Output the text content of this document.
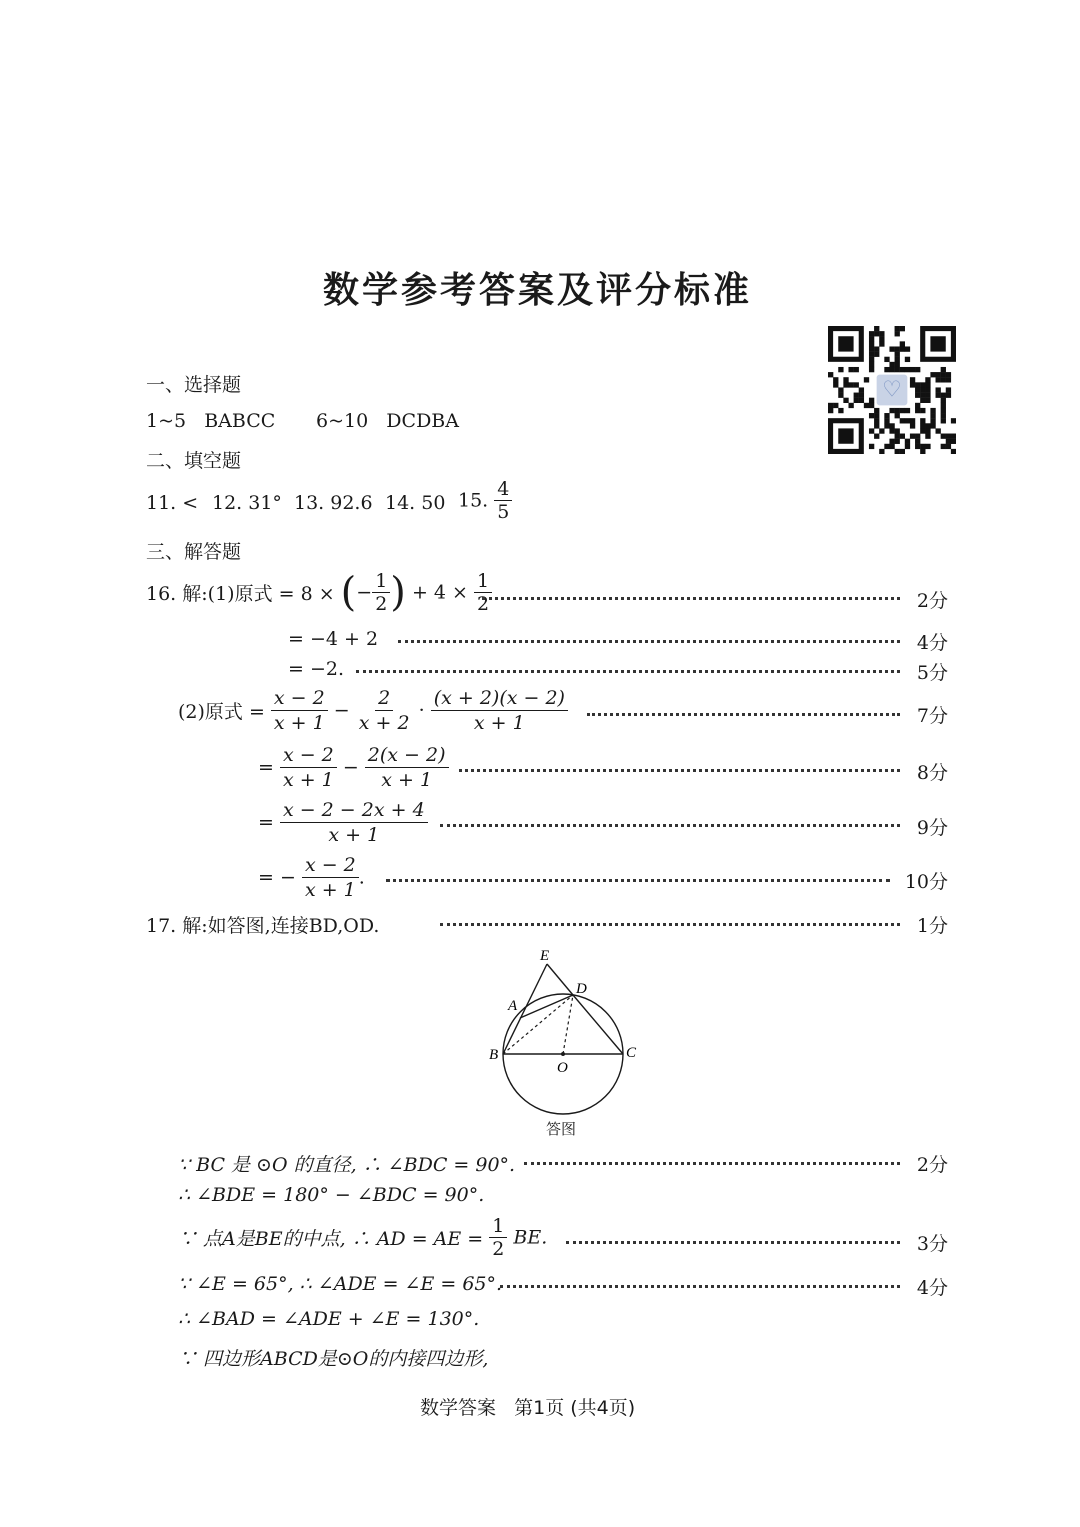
数学参考答案及评分标准
♡
一、选择题
1~5   BABCC 6~10   DCDBA
二、填空题
11. < 12. 31° 13. 92.6 14. 50 15. $\frac{4}{5}$
三、解答题
16. 解:(1)原式 = 8 × (− $\frac{1}{2}$ ) + $4 \times \frac{1}{2}$	2分
= −4 + 2	4分
= −2.	5分
(2)原式 = $\frac{x - 2}{x + 1} - \frac{2}{x + 2} \cdot \frac{(x + 2)(x - 2)}{x + 1}$	7分
= $\frac{x - 2}{x + 1} - \frac{2(x - 2)}{x + 1}$	8分
= $\frac{x - 2 - 2x + 4}{x + 1}$	9分
= − $\frac{x - 2}{x + 1}$ .	10分
17. 解:如答图,连接BD,OD.	1分
E
D
A
B	C
O
答图
∵ BC 是 ⊙O 的直径, ∴ ∠BDC = 90°.	2分
∴ ∠BDE = 180° − ∠BDC = 90°.
∵ 点A是BE的中点, ∴ AD = AE = $\frac{1}{2}$ BE.	3分
∵ ∠E = 65°, ∴ ∠ADE = ∠E = 65°.	4分
∴ ∠BAD = ∠ADE + ∠E = 130°.
∵ 四边形ABCD是⊙O的内接四边形,
数学答案   第1页 (共4页)
